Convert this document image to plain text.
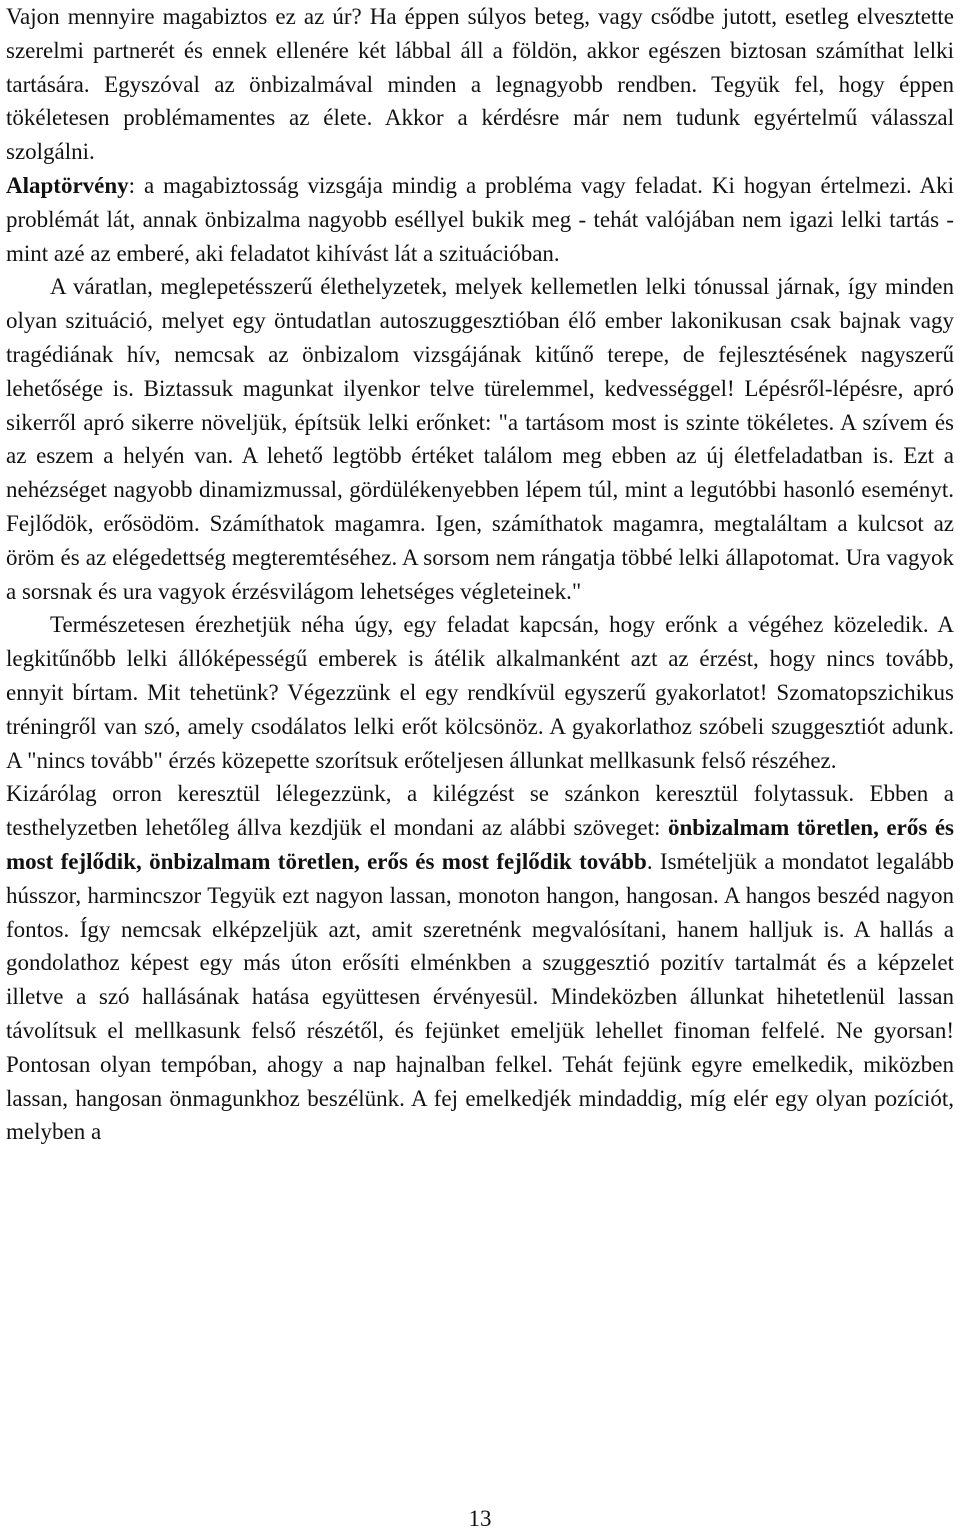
Vajon mennyire magabiztos ez az úr? Ha éppen súlyos beteg, vagy csődbe jutott, esetleg elvesztette szerelmi partnerét és ennek ellenére két lábbal áll a földön, akkor egészen biztosan számíthat lelki tartására. Egyszóval az önbizalmával minden a legnagyobb rendben. Tegyük fel, hogy éppen tökéletesen problémamentes az élete. Akkor a kérdésre már nem tudunk egyértelmű válasszal szolgálni.

Alaptörvény: a magabiztosság vizsgája mindig a probléma vagy feladat. Ki hogyan értelmezi. Aki problémát lát, annak önbizalma nagyobb eséllyel bukik meg - tehát valójában nem igazi lelki tartás - mint azé az emberé, aki feladatot kihívást lát a szituációban.

A váratlan, meglepetésszerű élethelyzetek, melyek kellemetlen lelki tónussal járnak, így minden olyan szituáció, melyet egy öntudatlan autoszuggesztióban élő ember lakonikusan csak bajnak vagy tragédiának hív, nemcsak az önbizalom vizsgájának kitűnő terepe, de fejlesztésének nagyszerű lehetősége is. Biztassuk magunkat ilyenkor telve türelemmel, kedvességgel! Lépésről-lépésre, apró sikerről apró sikerre növeljük, építsük lelki erőnket: "a tartásom most is szinte tökéletes. A szívem és az eszem a helyén van. A lehető legtöbb értéket találom meg ebben az új életfeladatban is. Ezt a nehézséget nagyobb dinamizmussal, gördülékenyebben lépem túl, mint a legutóbbi hasonló eseményt. Fejlődök, erősödöm. Számíthatok magamra. Igen, számíthatok magamra, megtaláltam a kulcsot az öröm és az elégedettség megteremtéséhez. A sorsom nem rángatja többé lelki állapotomat. Ura vagyok a sorsnak és ura vagyok érzésvilágom lehetséges végleteinek."

Természetesen érezhetjük néha úgy, egy feladat kapcsán, hogy erőnk a végéhez közeledik. A legkitűnőbb lelki állóképességű emberek is átélik alkalmanként azt az érzést, hogy nincs tovább, ennyit bírtam. Mit tehetünk? Végezzünk el egy rendkívül egyszerű gyakorlatot! Szomatopszichikus tréningről van szó, amely csodálatos lelki erőt kölcsönöz. A gyakorlathoz szóbeli szuggesztiót adunk. A "nincs tovább" érzés közepette szorítsuk erőteljesen állunkat mellkasunk felső részéhez.

Kizárólag orron keresztül lélegezzünk, a kilégzést se szánkon keresztül folytassuk. Ebben a testhelyzetben lehetőleg állva kezdjük el mondani az alábbi szöveget: önbizalmam töretlen, erős és most fejlődik, önbizalmam töretlen, erős és most fejlődik tovább. Ismételjük a mondatot legalább hússzor, harmincszor Tegyük ezt nagyon lassan, monoton hangon, hangosan. A hangos beszéd nagyon fontos. Így nemcsak elképzeljük azt, amit szeretnénk megvalósítani, hanem halljuk is. A hallás a gondolathoz képest egy más úton erősíti elménkben a szuggesztió pozitív tartalmát és a képzelet illetve a szó hallásának hatása együttesen érvényesül. Mindeközben állunkat hihetetlenül lassan távolítsuk el mellkasunk felső részétől, és fejünket emeljük lehellet finoman felfelé. Ne gyorsan! Pontosan olyan tempóban, ahogy a nap hajnalban felkel. Tehát fejünk egyre emelkedik, miközben lassan, hangosan önmagunkhoz beszélünk. A fej emelkedjék mindaddig, míg elér egy olyan pozíciót, melyben a

13
